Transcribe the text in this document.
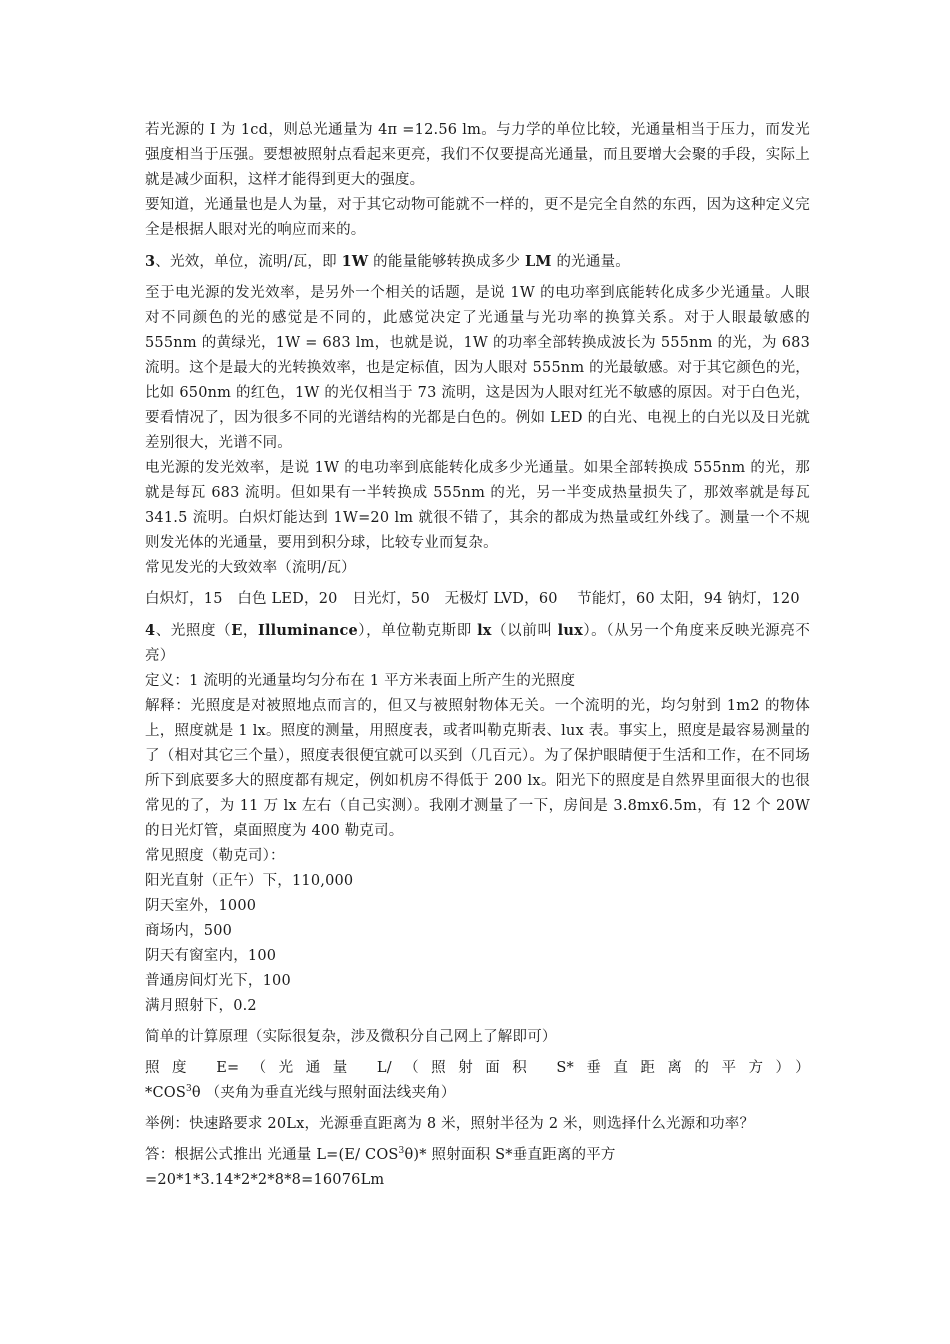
若光源的 I 为 1cd，则总光通量为 4π =12.56 lm。与力学的单位比较，光通量相当于压力，而发光强度相当于压强。要想被照射点看起来更亮，我们不仅要提高光通量，而且要增大会聚的手段，实际上就是减少面积，这样才能得到更大的强度。

要知道，光通量也是人为量，对于其它动物可能就不一样的，更不是完全自然的东西，因为这种定义完全是根据人眼对光的响应而来的。

3、光效，单位，流明/瓦，即 1W 的能量能够转换成多少 LM 的光通量。

至于电光源的发光效率，是另外一个相关的话题，是说 1W 的电功率到底能转化成多少光通量。人眼对不同颜色的光的感觉是不同的，此感觉决定了光通量与光功率的换算关系。对于人眼最敏感的 555nm 的黄绿光，1W = 683 lm，也就是说，1W 的功率全部转换成波长为 555nm 的光，为 683 流明。这个是最大的光转换效率，也是定标值，因为人眼对 555nm 的光最敏感。对于其它颜色的光，比如 650nm 的红色，1W 的光仅相当于 73 流明，这是因为人眼对红光不敏感的原因。对于白色光，要看情况了，因为很多不同的光谱结构的光都是白色的。例如 LED 的白光、电视上的白光以及日光就差别很大，光谱不同。

电光源的发光效率，是说 1W 的电功率到底能转化成多少光通量。如果全部转换成 555nm 的光，那就是每瓦 683 流明。但如果有一半转换成 555nm 的光，另一半变成热量损失了，那效率就是每瓦 341.5 流明。白炽灯能达到 1W=20 lm 就很不错了，其余的都成为热量或红外线了。测量一个不规则发光体的光通量，要用到积分球，比较专业而复杂。

常见发光的大致效率（流明/瓦）

白炽灯，15　白色 LED，20　日光灯，50　无极灯 LVD，60　 节能灯，60 太阳，94 钠灯，120

4、光照度（E，Illuminance），单位勒克斯即 lx（以前叫 lux）。（从另一个角度来反映光源亮不亮）

定义：1 流明的光通量均匀分布在 1 平方米表面上所产生的光照度

解释：光照度是对被照地点而言的，但又与被照射物体无关。一个流明的光，均匀射到 1m2 的物体上，照度就是 1 lx。照度的测量，用照度表，或者叫勒克斯表、lux 表。事实上，照度是最容易测量的了（相对其它三个量），照度表很便宜就可以买到（几百元）。为了保护眼睛便于生活和工作，在不同场所下到底要多大的照度都有规定，例如机房不得低于 200 lx。阳光下的照度是自然界里面很大的也很常见的了，为 11 万 lx 左右（自己实测）。我刚才测量了一下，房间是 3.8mx6.5m，有 12 个 20W 的日光灯管，桌面照度为 400 勒克司。

常见照度（勒克司）：

阳光直射（正午）下，110,000

阴天室外，1000

商场内，500

阴天有窗室内，100

普通房间灯光下，100

满月照射下，0.2

简单的计算原理（实际很复杂，涉及微积分自己网上了解即可）

照度 E=（光通量 L/（照射面积 S*垂直距离的平方））*COS$^3$θ （夹角为垂直光线与照射面法线夹角）

举例：快速路要求 20Lx，光源垂直距离为 8 米，照射半径为 2 米，则选择什么光源和功率？

答：根据公式推出 光通量 L=(E/ COS$^3$θ)* 照射面积 S*垂直距离的平方

=20*1*3.14*2*2*8*8=16076Lm
